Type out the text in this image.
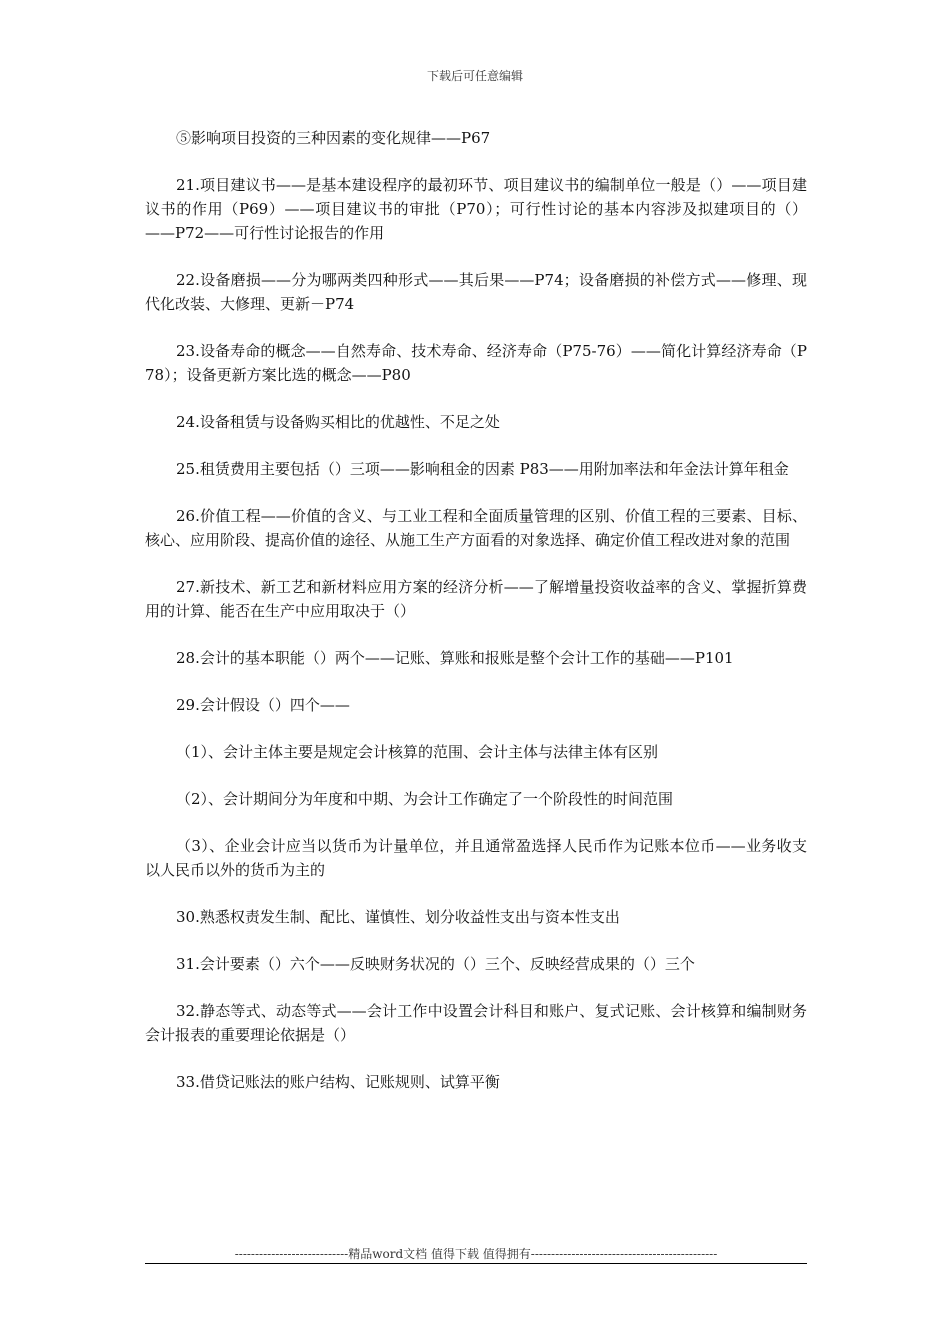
下载后可任意编辑

⑤影响项目投资的三种因素的变化规律——P67

21.项目建议书——是基本建设程序的最初环节、项目建议书的编制单位一般是（）——项目建议书的作用（P69）——项目建议书的审批（P70）；可行性讨论的基本内容涉及拟建项目的（）——P72——可行性讨论报告的作用

22.设备磨损——分为哪两类四种形式——其后果——P74；设备磨损的补偿方式——修理、现代化改装、大修理、更新－P74

23.设备寿命的概念——自然寿命、技术寿命、经济寿命（P75-76）——简化计算经济寿命（P78）；设备更新方案比选的概念——P80

24.设备租赁与设备购买相比的优越性、不足之处

25.租赁费用主要包括（）三项——影响租金的因素 P83——用附加率法和年金法计算年租金

26.价值工程——价值的含义、与工业工程和全面质量管理的区别、价值工程的三要素、目标、核心、应用阶段、提高价值的途径、从施工生产方面看的对象选择、确定价值工程改进对象的范围

27.新技术、新工艺和新材料应用方案的经济分析——了解增量投资收益率的含义、掌握折算费用的计算、能否在生产中应用取决于（）

28.会计的基本职能（）两个——记账、算账和报账是整个会计工作的基础——P101

29.会计假设（）四个——

（1）、会计主体主要是规定会计核算的范围、会计主体与法律主体有区别

（2）、会计期间分为年度和中期、为会计工作确定了一个阶段性的时间范围

（3）、企业会计应当以货币为计量单位，并且通常盈选择人民币作为记账本位币——业务收支以人民币以外的货币为主的

30.熟悉权责发生制、配比、谨慎性、划分收益性支出与资本性支出

31.会计要素（）六个——反映财务状况的（）三个、反映经营成果的（）三个

32.静态等式、动态等式——会计工作中设置会计科目和账户、复式记账、会计核算和编制财务会计报表的重要理论依据是（）

33.借贷记账法的账户结构、记账规则、试算平衡

----------------------------精品word文档 值得下载 值得拥有----------------------------------------------
